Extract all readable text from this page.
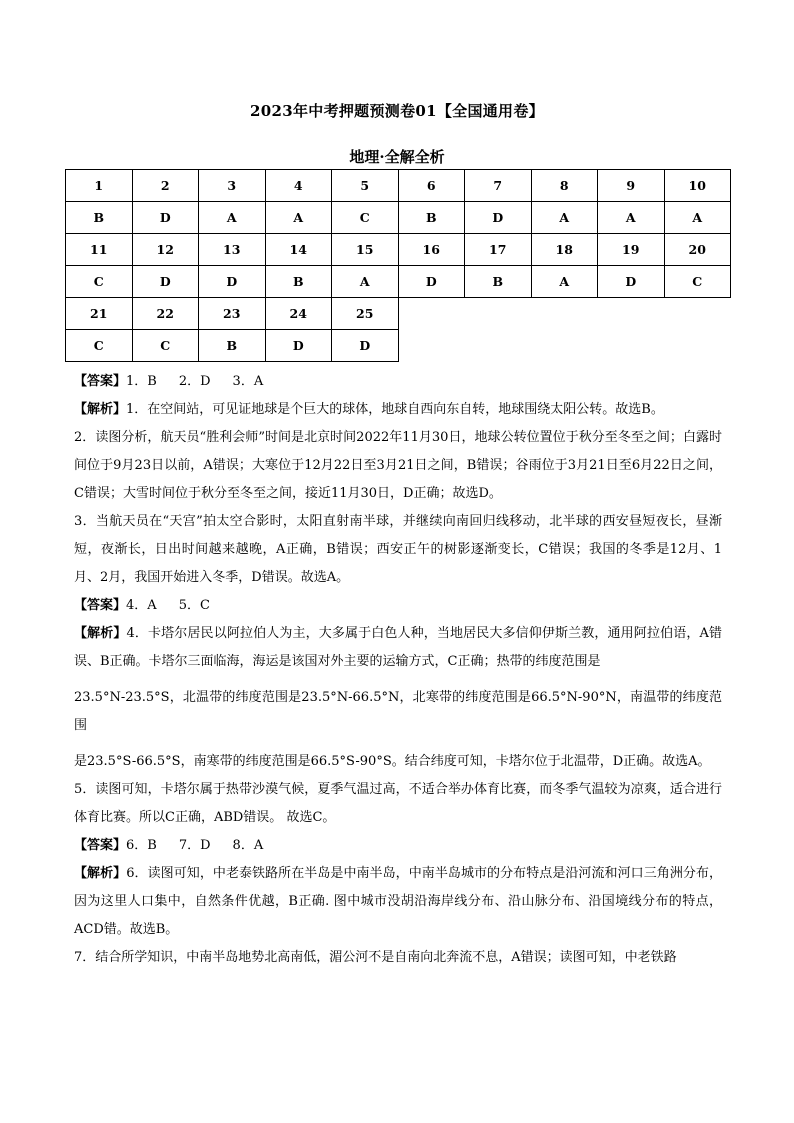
2023年中考押题预测卷01【全国通用卷】
地理·全解全析
1	2	3	4	5	6	7	8	9	10
B	D	A	A	C	B	D	A	A	A
11	12	13	14	15	16	17	18	19	20
C	D	D	B	A	D	B	A	D	C
21	22	23	24	25					
C	C	B	D	D					

【答案】1．B 2．D 3．A

【解析】1．在空间站，可见证地球是个巨大的球体，地球自西向东自转，地球围绕太阳公转。故选B。

2．读图分析，航天员“胜利会师”时间是北京时间2022年11月30日，地球公转位置位于秋分至冬至之间；白露时间位于9月23日以前，A错误；大寒位于12月22日至3月21日之间，B错误；谷雨位于3月21日至6月22日之间，C错误；大雪时间位于秋分至冬至之间，接近11月30日，D正确；故选D。

3．当航天员在“天宫”拍太空合影时，太阳直射南半球，并继续向南回归线移动，北半球的西安昼短夜长，昼渐短，夜渐长，日出时间越来越晚，A正确，B错误；西安正午的树影逐渐变长，C错误；我国的冬季是12月、1月、2月，我国开始进入冬季，D错误。故选A。

【答案】4．A 5．C

【解析】4．卡塔尔居民以阿拉伯人为主，大多属于白色人种，当地居民大多信仰伊斯兰教，通用阿拉伯语，A错误、B正确。卡塔尔三面临海，海运是该国对外主要的运输方式，C正确；热带的纬度范围是

23.5°N-23.5°S，北温带的纬度范围是23.5°N-66.5°N，北寒带的纬度范围是66.5°N-90°N，南温带的纬度范围

是23.5°S-66.5°S，南寒带的纬度范围是66.5°S-90°S。结合纬度可知，卡塔尔位于北温带，D正确。故选A。

5．读图可知，卡塔尔属于热带沙漠气候，夏季气温过高，不适合举办体育比赛，而冬季气温较为凉爽，适合进行体育比赛。所以C正确，ABD错误。 故选C。

【答案】6．B 7．D 8．A

【解析】6．读图可知，中老泰铁路所在半岛是中南半岛，中南半岛城市的分布特点是沿河流和河口三角洲分布，因为这里人口集中，自然条件优越，B正确. 图中城市没胡沿海岸线分布、沿山脉分布、沿国境线分布的特点，ACD错。故选B。

7．结合所学知识，中南半岛地势北高南低，湄公河不是自南向北奔流不息，A错误；读图可知，中老铁路
